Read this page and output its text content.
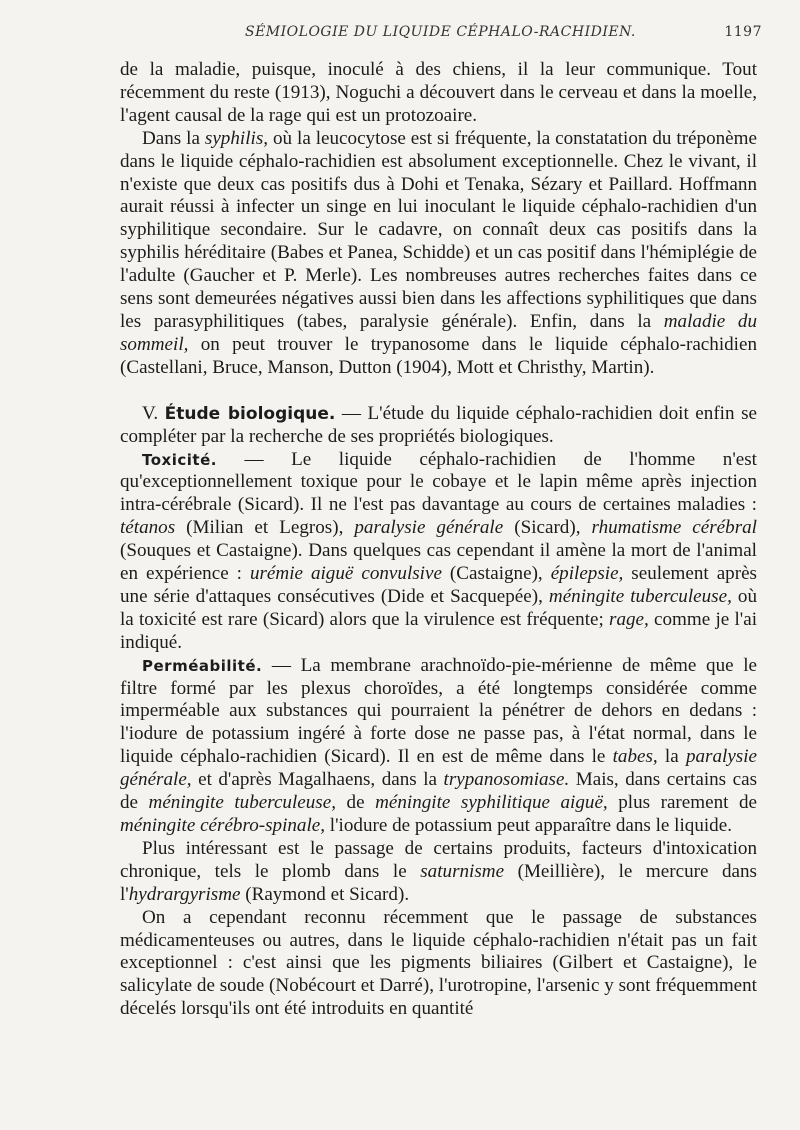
SÉMIOLOGIE DU LIQUIDE CÉPHALO-RACHIDIEN.	1197

de la maladie, puisque, inoculé à des chiens, il la leur communique. Tout récemment du reste (1913), Noguchi a découvert dans le cerveau et dans la moelle, l'agent causal de la rage qui est un protozoaire.

Dans la syphilis, où la leucocytose est si fréquente, la constatation du tréponème dans le liquide céphalo-rachidien est absolument exceptionnelle. Chez le vivant, il n'existe que deux cas positifs dus à Dohi et Tenaka, Sézary et Paillard. Hoffmann aurait réussi à infecter un singe en lui inoculant le liquide céphalo-rachidien d'un syphilitique secondaire. Sur le cadavre, on connaît deux cas positifs dans la syphilis héréditaire (Babes et Panea, Schidde) et un cas positif dans l'hémiplégie de l'adulte (Gaucher et P. Merle). Les nombreuses autres recherches faites dans ce sens sont demeurées négatives aussi bien dans les affections syphilitiques que dans les parasyphilitiques (tabes, paralysie générale). Enfin, dans la maladie du sommeil, on peut trouver le trypanosome dans le liquide céphalo-rachidien (Castellani, Bruce, Manson, Dutton (1904), Mott et Christhy, Martin).

V. Étude biologique. — L'étude du liquide céphalo-rachidien doit enfin se compléter par la recherche de ses propriétés biologiques.

Toxicité. — Le liquide céphalo-rachidien de l'homme n'est qu'exceptionnellement toxique pour le cobaye et le lapin même après injection intra-cérébrale (Sicard). Il ne l'est pas davantage au cours de certaines maladies : tétanos (Milian et Legros), paralysie générale (Sicard), rhumatisme cérébral (Souques et Castaigne). Dans quelques cas cependant il amène la mort de l'animal en expérience : urémie aiguë convulsive (Castaigne), épilepsie, seulement après une série d'attaques consécutives (Dide et Sacquepée), méningite tuberculeuse, où la toxicité est rare (Sicard) alors que la virulence est fréquente; rage, comme je l'ai indiqué.

Perméabilité. — La membrane arachnoïdo-pie-mérienne de même que le filtre formé par les plexus choroïdes, a été longtemps considérée comme imperméable aux substances qui pourraient la pénétrer de dehors en dedans : l'iodure de potassium ingéré à forte dose ne passe pas, à l'état normal, dans le liquide céphalo-rachidien (Sicard). Il en est de même dans le tabes, la paralysie générale, et d'après Magalhaens, dans la trypanosomiase. Mais, dans certains cas de méningite tuberculeuse, de méningite syphilitique aiguë, plus rarement de méningite cérébro-spinale, l'iodure de potassium peut apparaître dans le liquide.

Plus intéressant est le passage de certains produits, facteurs d'intoxication chronique, tels le plomb dans le saturnisme (Meillière), le mercure dans l'hydrargyrisme (Raymond et Sicard).

On a cependant reconnu récemment que le passage de substances médicamenteuses ou autres, dans le liquide céphalo-rachidien n'était pas un fait exceptionnel : c'est ainsi que les pigments biliaires (Gilbert et Castaigne), le salicylate de soude (Nobécourt et Darré), l'urotropine, l'arsenic y sont fréquemment décelés lorsqu'ils ont été introduits en quantité
